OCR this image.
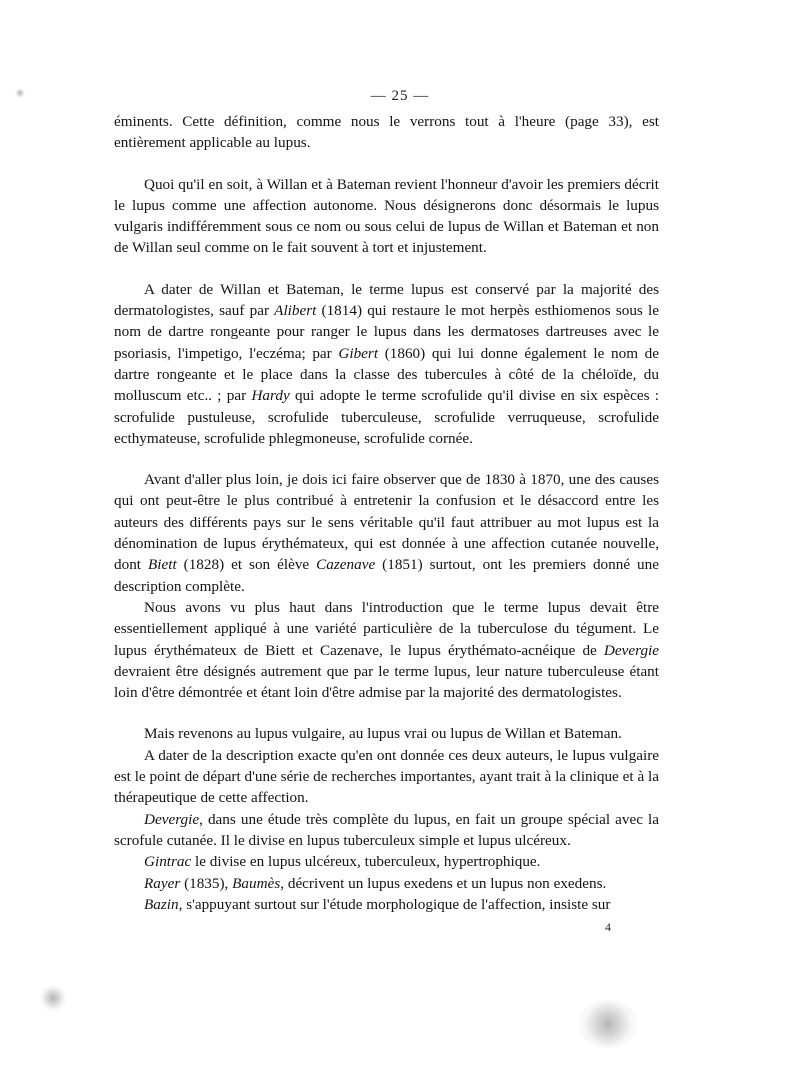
— 25 —

éminents. Cette définition, comme nous le verrons tout à l'heure (page 33), est entièrement applicable au lupus.

Quoi qu'il en soit, à Willan et à Bateman revient l'honneur d'avoir les premiers décrit le lupus comme une affection autonome. Nous désignerons donc désormais le lupus vulgaris indifféremment sous ce nom ou sous celui de lupus de Willan et Bateman et non de Willan seul comme on le fait souvent à tort et injustement.

A dater de Willan et Bateman, le terme lupus est conservé par la majorité des dermatologistes, sauf par Alibert (1814) qui restaure le mot herpès esthiomenos sous le nom de dartre rongeante pour ranger le lupus dans les dermatoses dartreuses avec le psoriasis, l'impetigo, l'eczéma; par Gibert (1860) qui lui donne également le nom de dartre rongeante et le place dans la classe des tubercules à côté de la chéloïde, du molluscum etc.. ; par Hardy qui adopte le terme scrofulide qu'il divise en six espèces : scrofulide pustuleuse, scrofulide tuberculeuse, scrofulide verruqueuse, scrofulide ecthymateuse, scrofulide phlegmoneuse, scrofulide cornée.

Avant d'aller plus loin, je dois ici faire observer que de 1830 à 1870, une des causes qui ont peut-être le plus contribué à entretenir la confusion et le désaccord entre les auteurs des différents pays sur le sens véritable qu'il faut attribuer au mot lupus est la dénomination de lupus érythémateux, qui est donnée à une affection cutanée nouvelle, dont Biett (1828) et son élève Cazenave (1851) surtout, ont les premiers donné une description complète.

Nous avons vu plus haut dans l'introduction que le terme lupus devait être essentiellement appliqué à une variété particulière de la tuberculose du tégument. Le lupus érythémateux de Biett et Cazenave, le lupus érythémato-acnéique de Devergie devraient être désignés autrement que par le terme lupus, leur nature tuberculeuse étant loin d'être démontrée et étant loin d'être admise par la majorité des dermatologistes.

Mais revenons au lupus vulgaire, au lupus vrai ou lupus de Willan et Bateman.

A dater de la description exacte qu'en ont donnée ces deux auteurs, le lupus vulgaire est le point de départ d'une série de recherches importantes, ayant trait à la clinique et à la thérapeutique de cette affection.

Devergie, dans une étude très complète du lupus, en fait un groupe spécial avec la scrofule cutanée. Il le divise en lupus tuberculeux simple et lupus ulcéreux.

Gintrac le divise en lupus ulcéreux, tuberculeux, hypertrophique.

Rayer (1835), Baumès, décrivent un lupus exedens et un lupus non exedens.

Bazin, s'appuyant surtout sur l'étude morphologique de l'affection, insiste sur

4
